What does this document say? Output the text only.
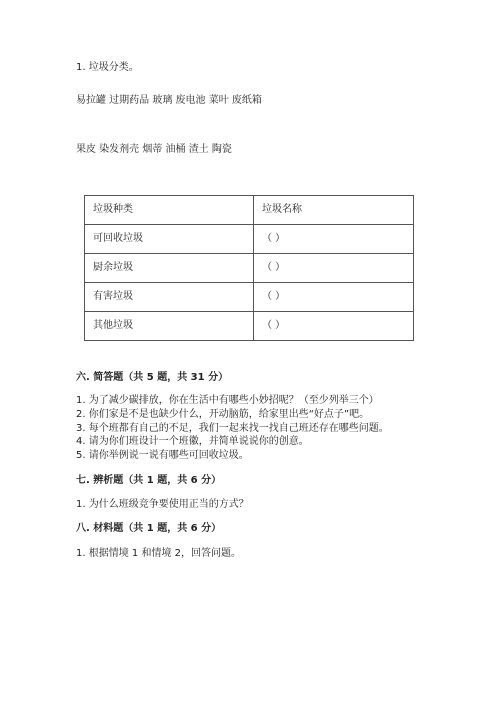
1. 垃圾分类。
易拉罐 过期药品 玻璃 废电池 菜叶 废纸箱
果皮 染发剂壳 烟蒂 油桶 渣土 陶瓷
垃圾种类	垃圾名称
可回收垃圾	（ ）
厨余垃圾	（ ）
有害垃圾	（ ）
其他垃圾	（ ）
六. 简答题（共 5 题，共 31 分）
1. 为了减少碳排放，你在生活中有哪些小妙招呢？（至少列举三个）
2. 你们家是不是也缺少什么，开动脑筋，给家里出些“好点子”吧。
3. 每个班都有自己的不足，我们一起来找一找自己班还存在哪些问题。
4. 请为你们班设计一个班徽，并简单说说你的创意。
5. 请你举例说一说有哪些可回收垃圾。
七. 辨析题（共 1 题，共 6 分）
1. 为什么班级竞争要使用正当的方式？
八. 材料题（共 1 题，共 6 分）
1. 根据情境 1 和情境 2，回答问题。
